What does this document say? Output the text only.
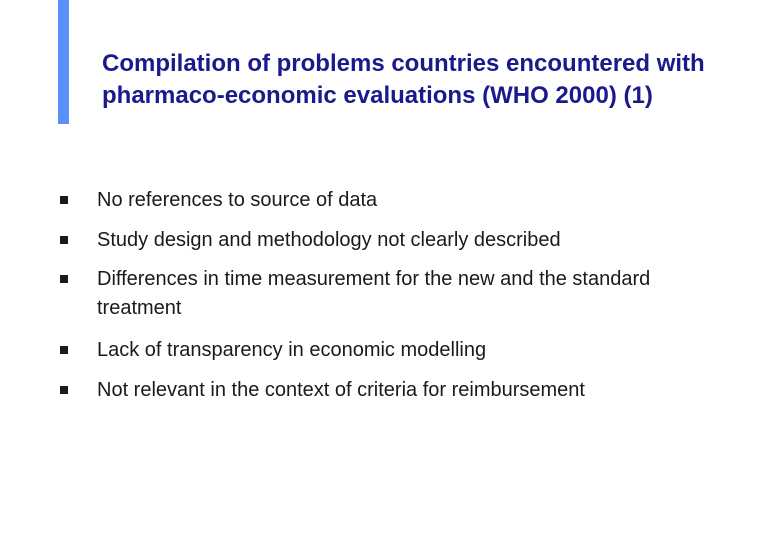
Compilation of problems countries encountered with pharmaco-economic evaluations (WHO 2000) (1)
No references to source of data
Study design and methodology not clearly described
Differences in time measurement for the new and the standard treatment
Lack of transparency in economic modelling
Not relevant in the context of criteria for reimbursement
